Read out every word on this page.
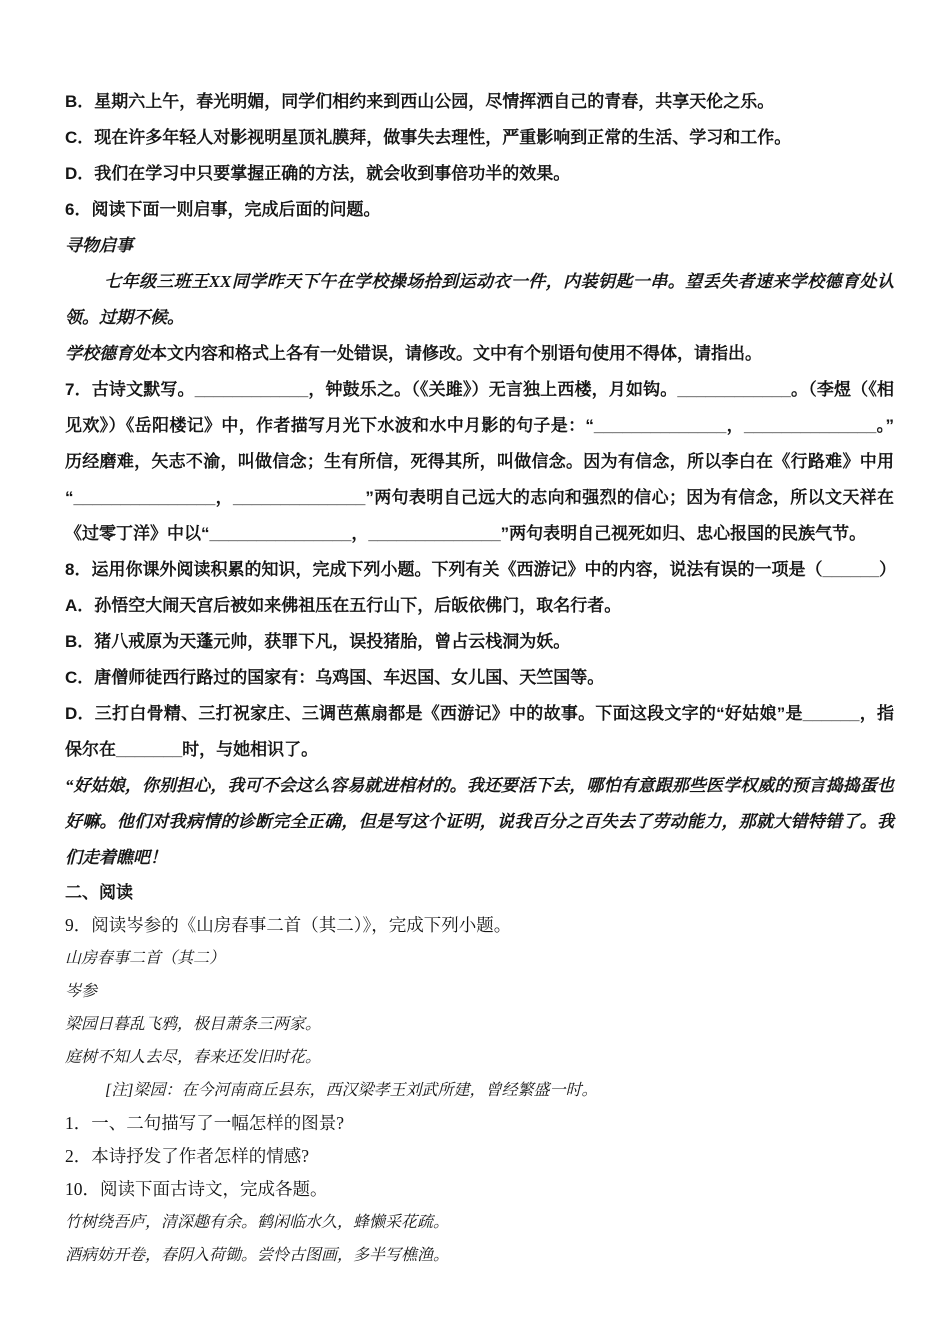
B．星期六上午，春光明媚，同学们相约来到西山公园，尽情挥洒自己的青春，共享天伦之乐。

C．现在许多年轻人对影视明星顶礼膜拜，做事失去理性，严重影响到正常的生活、学习和工作。

D．我们在学习中只要掌握正确的方法，就会收到事倍功半的效果。

6．阅读下面一则启事，完成后面的问题。

寻物启事

七年级三班王XX同学昨天下午在学校操场拾到运动衣一件，内装钥匙一串。望丢失者速来学校德育处认领。过期不候。

学校德育处本文内容和格式上各有一处错误，请修改。文中有个别语句使用不得体，请指出。

7．古诗文默写。____________，钟鼓乐之。（《关雎》）无言独上西楼，月如钩。____________。（李煜（《相见欢》）《岳阳楼记》中，作者描写月光下水波和水中月影的句子是：“______________，______________。”历经磨难，矢志不渝，叫做信念；生有所信，死得其所，叫做信念。因为有信念，所以李白在《行路难》中用“_______________，______________”两句表明自己远大的志向和强烈的信心；因为有信念，所以文天祥在《过零丁洋》中以“_______________，______________”两句表明自己视死如归、忠心报国的民族气节。

8．运用你课外阅读积累的知识，完成下列小题。下列有关《西游记》中的内容，说法有误的一项是（______）

A．孙悟空大闹天宫后被如来佛祖压在五行山下，后皈依佛门，取名行者。

B．猪八戒原为天蓬元帅，获罪下凡，误投猪胎，曾占云栈洞为妖。

C．唐僧师徒西行路过的国家有：乌鸡国、车迟国、女儿国、天竺国等。

D．三打白骨精、三打祝家庄、三调芭蕉扇都是《西游记》中的故事。下面这段文字的“好姑娘”是______，指保尔在_______时，与她相识了。

“好姑娘，你别担心，我可不会这么容易就进棺材的。我还要活下去，哪怕有意跟那些医学权威的预言捣捣蛋也好嘛。他们对我病情的诊断完全正确，但是写这个证明，说我百分之百失去了劳动能力，那就大错特错了。我们走着瞧吧！

二、阅读

9．阅读岑参的《山房春事二首（其二）》，完成下列小题。

山房春事二首（其二）

岑参

梁园日暮乱飞鸦，极目萧条三两家。

庭树不知人去尽，春来还发旧时花。

[注]梁园：在今河南商丘县东，西汉梁孝王刘武所建，曾经繁盛一时。

1．一、二句描写了一幅怎样的图景?

2．本诗抒发了作者怎样的情感?

10．阅读下面古诗文，完成各题。

竹树绕吾庐，清深趣有余。鹤闲临水久，蜂懒采花疏。

酒病妨开卷，春阴入荷锄。尝怜古图画，多半写樵渔。
